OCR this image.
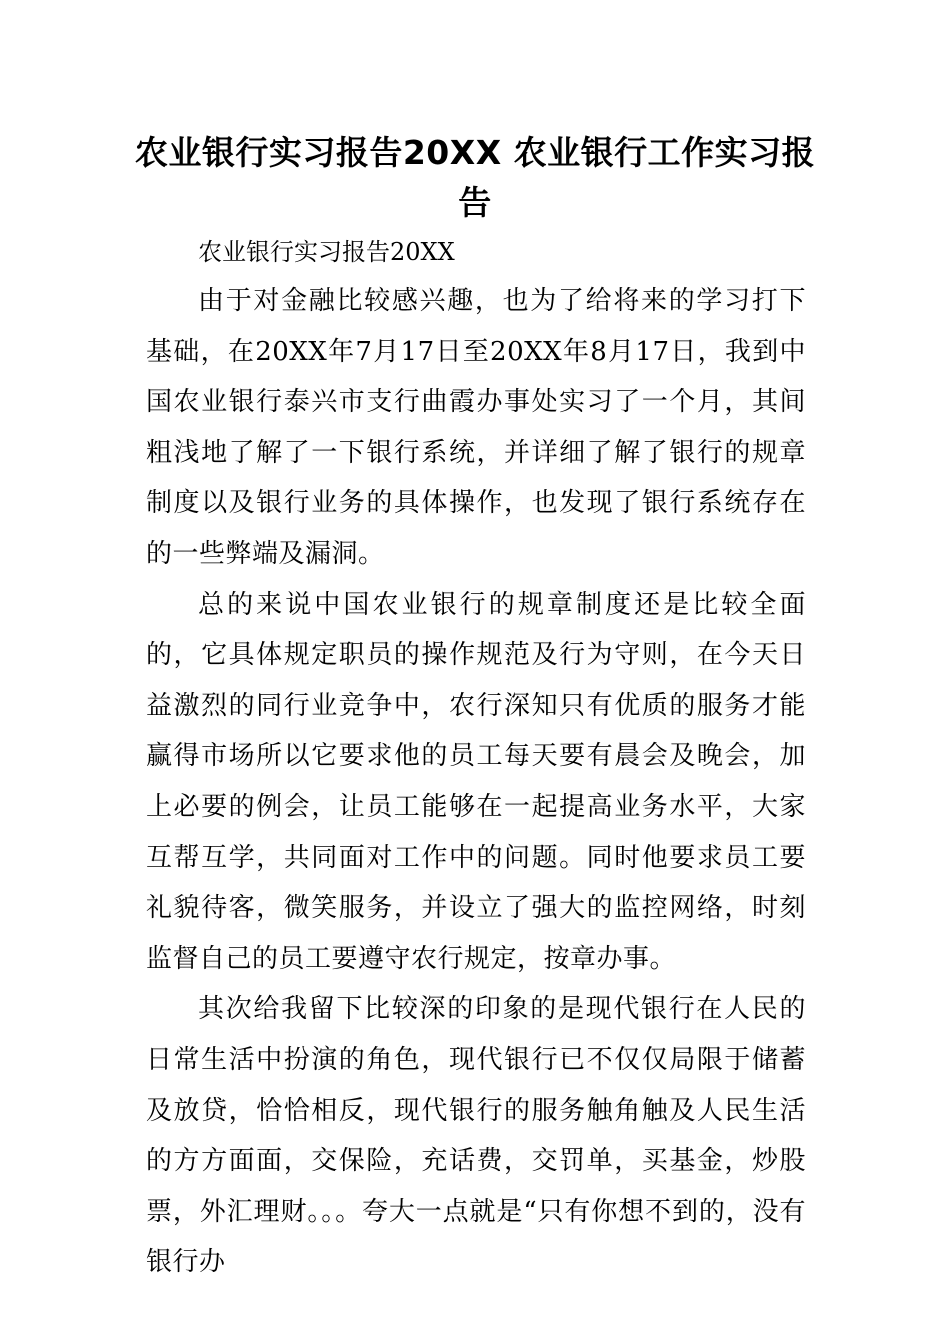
农业银行实习报告20XX 农业银行工作实习报告

农业银行实习报告20XX

由于对金融比较感兴趣，也为了给将来的学习打下基础，在20XX年7月17日至20XX年8月17日，我到中国农业银行泰兴市支行曲霞办事处实习了一个月，其间粗浅地了解了一下银行系统，并详细了解了银行的规章制度以及银行业务的具体操作，也发现了银行系统存在的一些弊端及漏洞。

总的来说中国农业银行的规章制度还是比较全面的，它具体规定职员的操作规范及行为守则，在今天日益激烈的同行业竞争中，农行深知只有优质的服务才能赢得市场所以它要求他的员工每天要有晨会及晚会，加上必要的例会，让员工能够在一起提高业务水平，大家互帮互学，共同面对工作中的问题。同时他要求员工要礼貌待客，微笑服务，并设立了强大的监控网络，时刻监督自己的员工要遵守农行规定，按章办事。

其次给我留下比较深的印象的是现代银行在人民的日常生活中扮演的角色，现代银行已不仅仅局限于储蓄及放贷，恰恰相反，现代银行的服务触角触及人民生活的方方面面，交保险，充话费，交罚单，买基金，炒股票，外汇理财。。。夸大一点就是“只有你想不到的，没有银行办
